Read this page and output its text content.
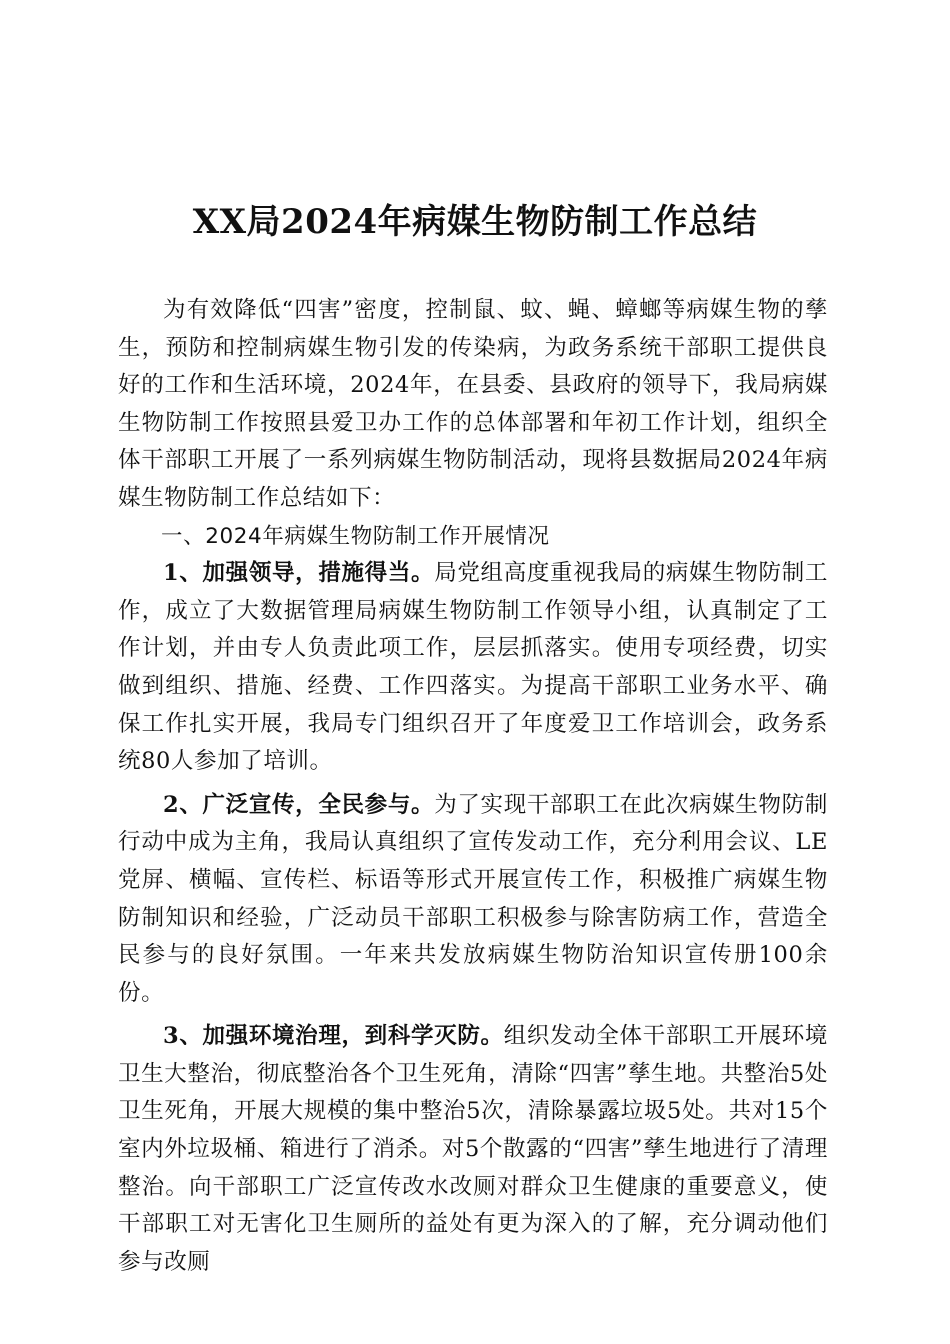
XX局2024年病媒生物防制工作总结

为有效降低“四害”密度，控制鼠、蚊、蝇、蟑螂等病媒生物的孳生，预防和控制病媒生物引发的传染病，为政务系统干部职工提供良好的工作和生活环境，2024年，在县委、县政府的领导下，我局病媒生物防制工作按照县爱卫办工作的总体部署和年初工作计划，组织全体干部职工开展了一系列病媒生物防制活动，现将县数据局2024年病媒生物防制工作总结如下：

一、2024年病媒生物防制工作开展情况

1、加强领导，措施得当。局党组高度重视我局的病媒生物防制工作，成立了大数据管理局病媒生物防制工作领导小组，认真制定了工作计划，并由专人负责此项工作，层层抓落实。使用专项经费，切实做到组织、措施、经费、工作四落实。为提高干部职工业务水平、确保工作扎实开展，我局专门组织召开了年度爱卫工作培训会，政务系统80人参加了培训。

2、广泛宣传，全民参与。为了实现干部职工在此次病媒生物防制行动中成为主角，我局认真组织了宣传发动工作，充分利用会议、LE党屏、横幅、宣传栏、标语等形式开展宣传工作，积极推广病媒生物防制知识和经验，广泛动员干部职工积极参与除害防病工作，营造全民参与的良好氛围。一年来共发放病媒生物防治知识宣传册100余份。

3、加强环境治理，到科学灭防。组织发动全体干部职工开展环境卫生大整治，彻底整治各个卫生死角，清除“四害”孳生地。共整治5处卫生死角，开展大规模的集中整治5次，清除暴露垃圾5处。共对15个室内外垃圾桶、箱进行了消杀。对5个散露的“四害”孳生地进行了清理整治。向干部职工广泛宣传改水改厕对群众卫生健康的重要意义，使干部职工对无害化卫生厕所的益处有更为深入的了解，充分调动他们参与改厕
